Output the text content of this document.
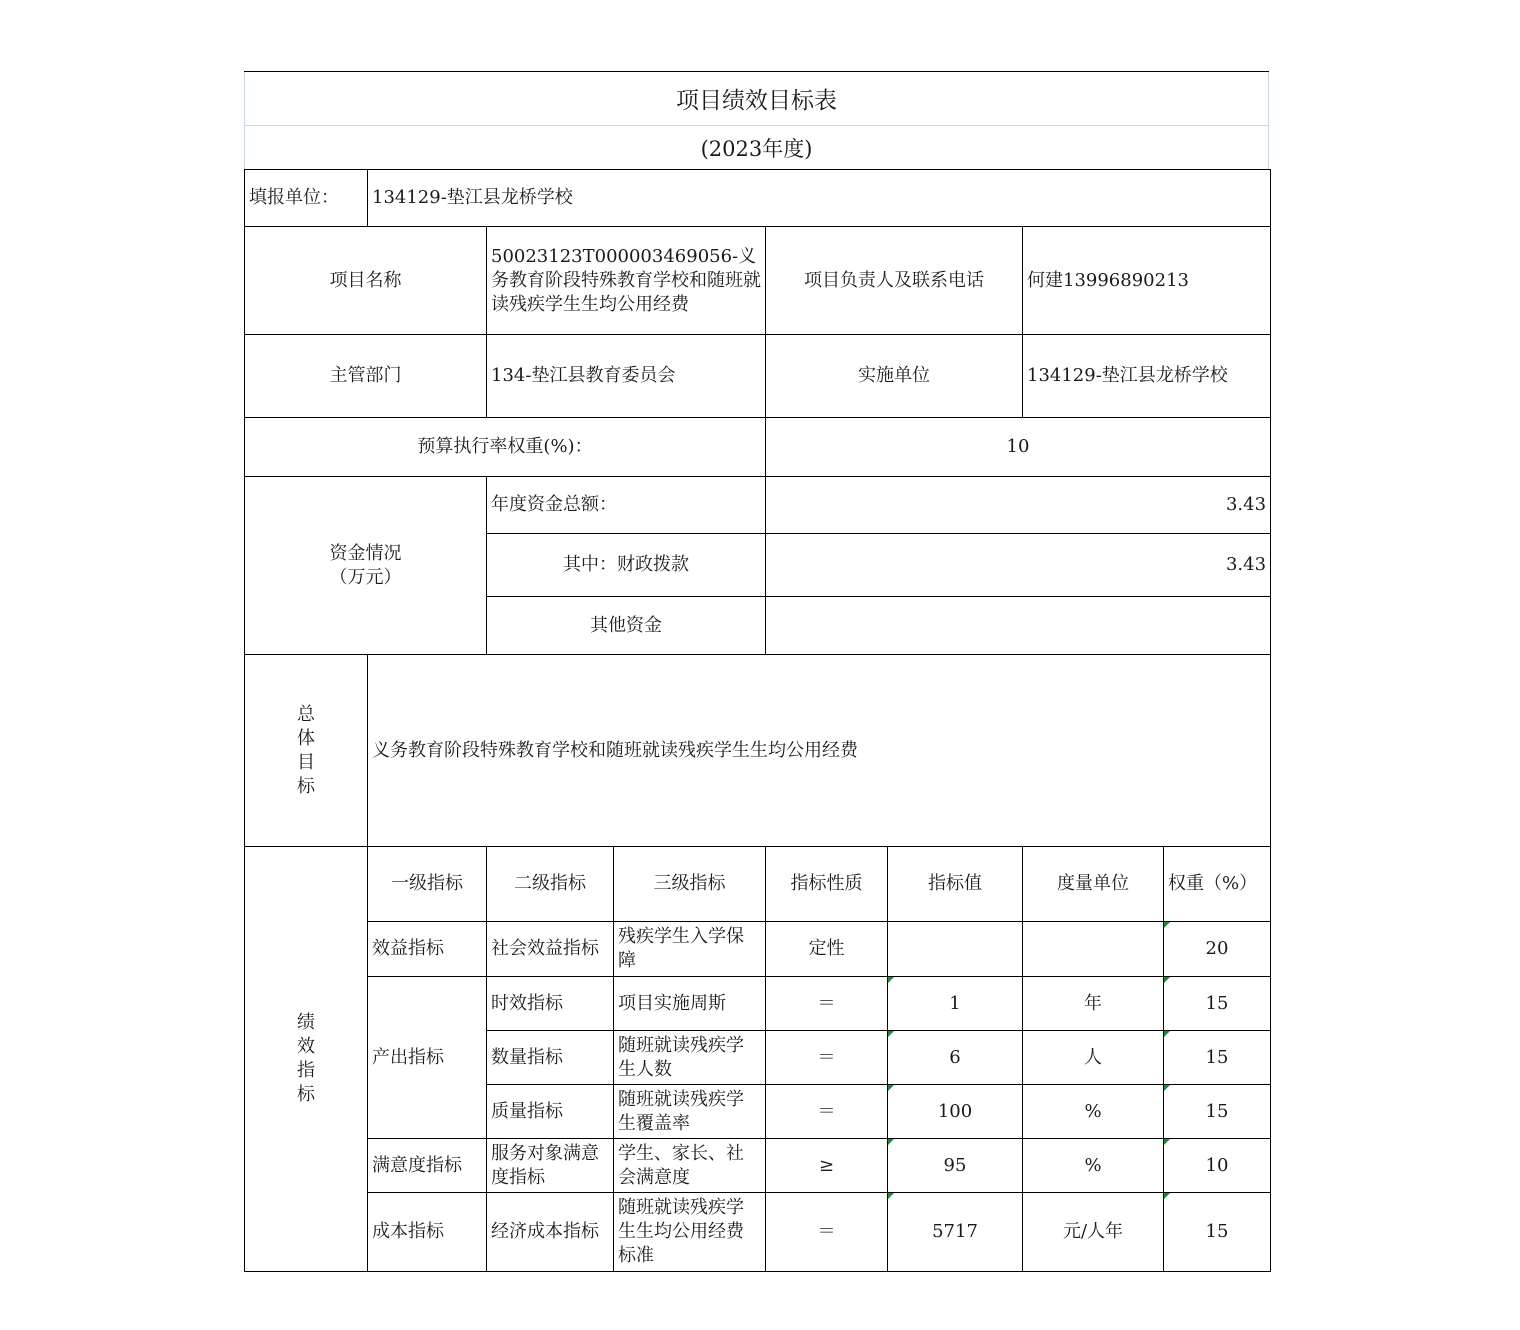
项目绩效目标表
(2023年度)
填报单位：	134129-垫江县龙桥学校						
项目名称		50023123T000003469056-义务教育阶段特殊教育学校和随班就读残疾学生生均公用经费		项目负责人及联系电话		何建13996890213	
主管部门		134-垫江县教育委员会		实施单位		134129-垫江县龙桥学校	
预算执行率权重(%)：				10			
资金情况
（万元）		年度资金总额：		3.43			
		其中：财政拨款		3.43			
		其他资金					
总
体
目
标	义务教育阶段特殊教育学校和随班就读残疾学生生均公用经费						
绩
效
指
标	一级指标	二级指标	三级指标	指标性质	指标值	度量单位	权重（%）
	效益指标	社会效益指标	残疾学生入学保障	定性			20
	产出指标	时效指标	项目实施周斯	＝	1	年	15
		数量指标	随班就读残疾学生人数	＝	6	人	15
		质量指标	随班就读残疾学生覆盖率	＝	100	%	15
	满意度指标	服务对象满意度指标	学生、家长、社会满意度	≥	95	%	10
	成本指标	经济成本指标	随班就读残疾学生生均公用经费标准	＝	5717	元/人年	15
